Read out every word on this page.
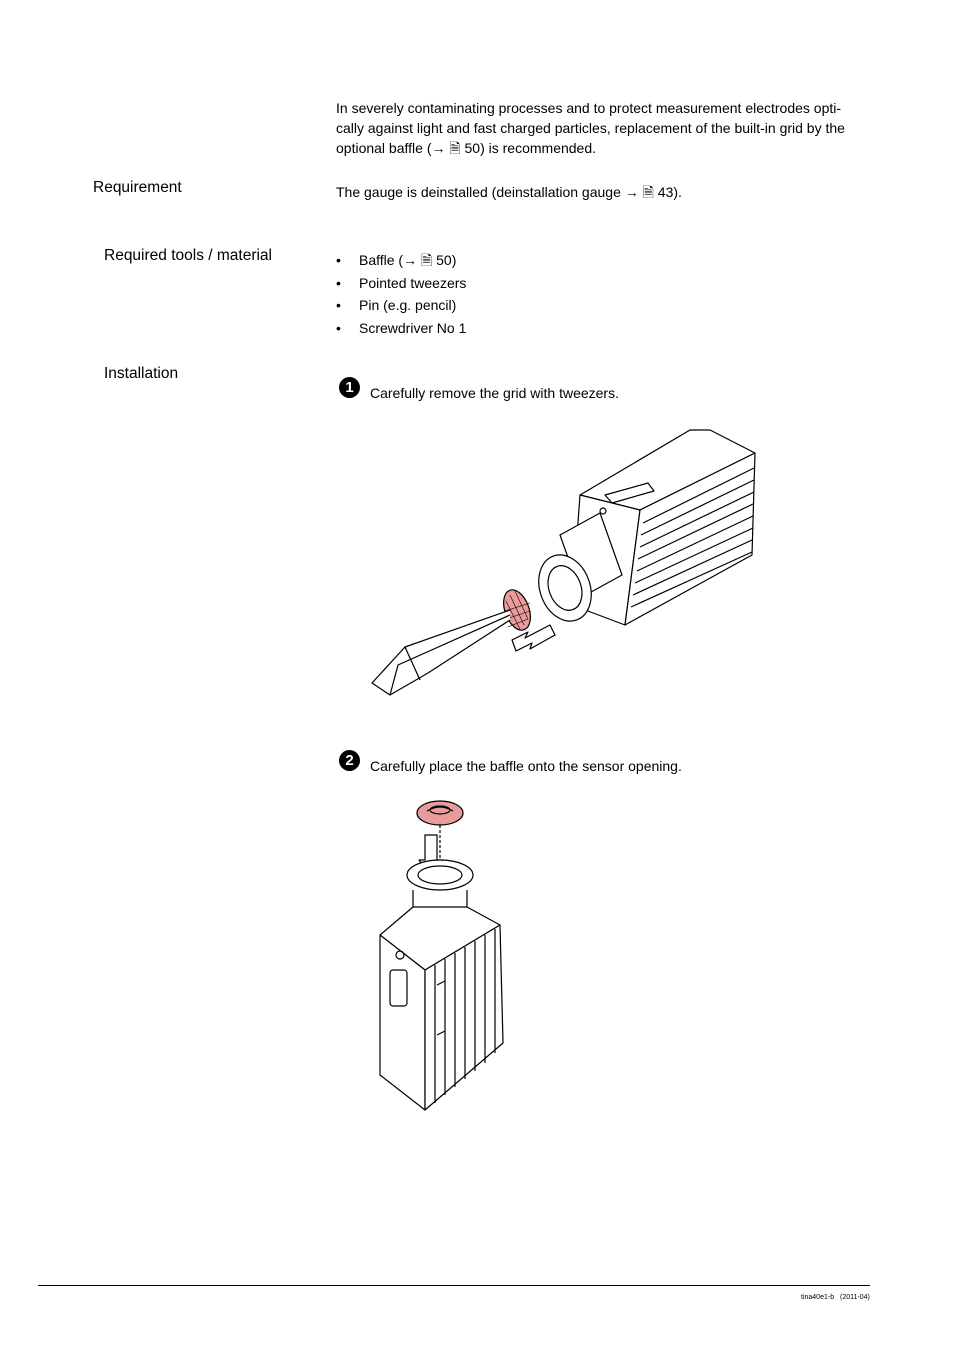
In severely contaminating processes and to protect measurement electrodes opti-
cally against light and fast charged particles, replacement of the built-in grid by the
optional baffle (→ 🗎 50) is recommended.
Requirement	The gauge is deinstalled (deinstallation gauge → 🗎 43).
Required tools / material
•	Baffle (→ 🗎 50)
• Pointed tweezers
• Pin (e.g. pencil)
• Screwdriver No 1
Installation
1	Carefully remove the grid with tweezers.
2	Carefully place the baffle onto the sensor opening.
tina40e1-b (2011-04)
